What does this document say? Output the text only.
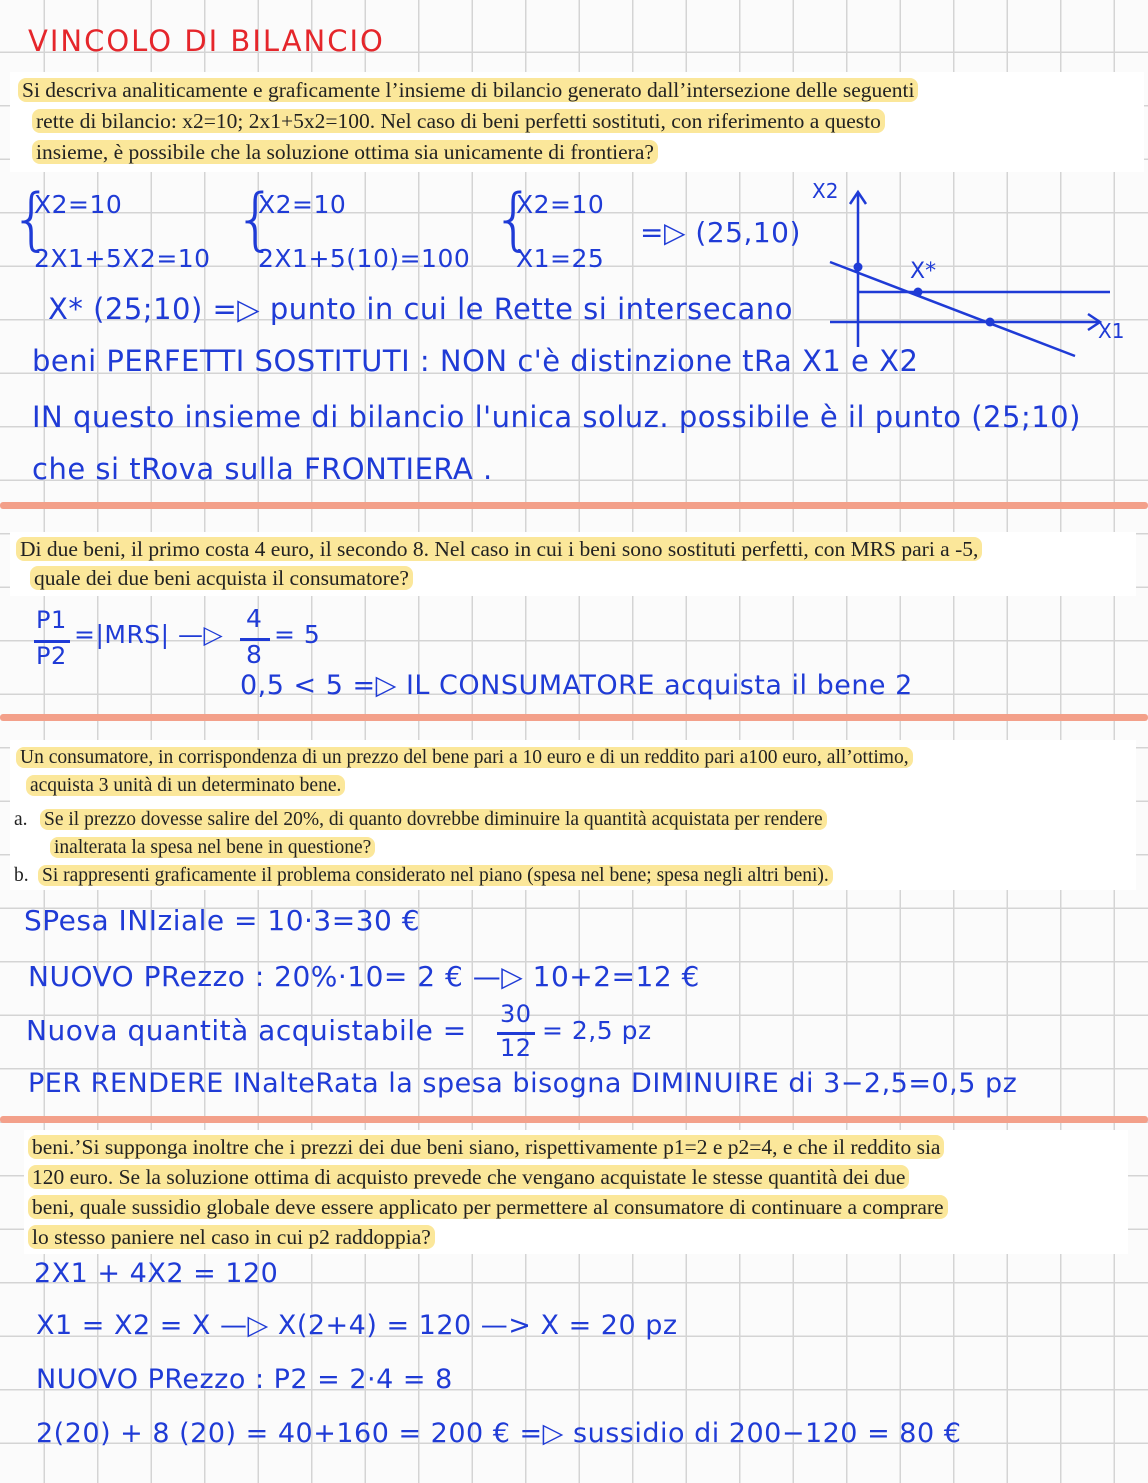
VINCOLO DI BILANCIO
Si descriva analiticamente e graficamente l’insieme di bilancio generato dall’intersezione delle seguenti
rette di bilancio: x2=10; 2x1+5x2=100. Nel caso di beni perfetti sostituti, con riferimento a questo
insieme, è possibile che la soluzione ottima sia unicamente di frontiera?
{
X2=10
2X1+5X2=10 {
X2=10
2X1+5(10)=100 {
X2=10
X1=25
=▷ (25,10)
X* (25;10) =▷ punto in cui le Rette si intersecano
beni PERFETTI SOSTITUTI : NON c'è distinzione tRa X1 e X2
IN questo insieme di bilancio l'unica soluz. possibile è il punto (25;10)
che si tRova sulla FRONTIERA .
X2
X1
X*
Di due beni, il primo costa 4 euro, il secondo 8. Nel caso in cui i beni sono sostituti perfetti, con MRS pari a -5,
quale dei due beni acquista il consumatore?
P1
P2
=|MRS| —▷
4
8
= 5
0,5 < 5 =▷ IL CONSUMATORE acquista il bene 2
Un consumatore, in corrispondenza di un prezzo del bene pari a 10 euro e di un reddito pari a100 euro, all’ottimo,
acquista 3 unità di un determinato bene.
a. Se il prezzo dovesse salire del 20%, di quanto dovrebbe diminuire la quantità acquistata per rendere
inalterata la spesa nel bene in questione?
b. Si rappresenti graficamente il problema considerato nel piano (spesa nel bene; spesa negli altri beni).
SPesa INIziale = 10·3=30 €
NUOVO PRezzo : 20%·10= 2 € —▷ 10+2=12 €
Nuova quantità acquistabile = 30
12
= 2,5 pz
PER RENDERE INalteRata la spesa bisogna DIMINUIRE di 3−2,5=0,5 pz
beni.’Si supponga inoltre che i prezzi dei due beni siano, rispettivamente p1=2 e p2=4, e che il reddito sia
120 euro. Se la soluzione ottima di acquisto prevede che vengano acquistate le stesse quantità dei due
beni, quale sussidio globale deve essere applicato per permettere al consumatore di continuare a comprare
lo stesso paniere nel caso in cui p2 raddoppia?
2X1 + 4X2 = 120
X1 = X2 = X —▷ X(2+4) = 120 —> X = 20 pz
NUOVO PRezzo : P2 = 2·4 = 8
2(20) + 8 (20) = 40+160 = 200 € =▷ sussidio di 200−120 = 80 €
